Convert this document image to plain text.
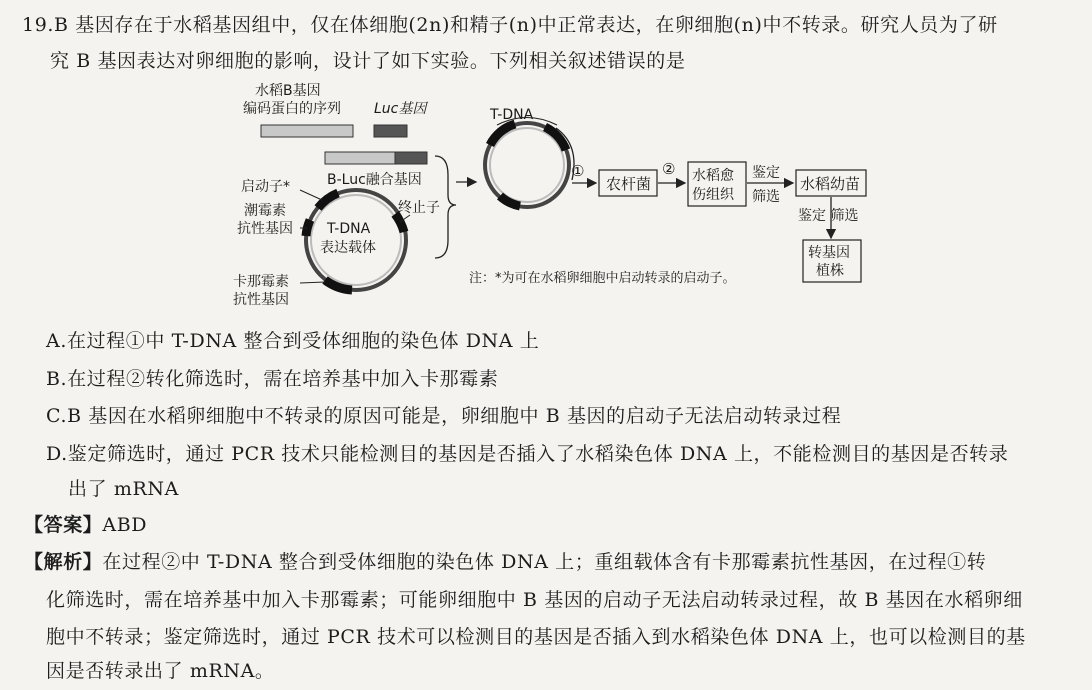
19.B 基因存在于水稻基因组中，仅在体细胞(2n)和精子(n)中正常表达，在卵细胞(n)中不转录。研究人员为了研
究 B 基因表达对卵细胞的影响，设计了如下实验。下列相关叙述错误的是
水稻B基因
编码蛋白的序列 Luc基因
B-Luc融合基因
T-DNA
表达载体
启动子*
潮霉素
抗性基因
终止子
卡那霉素
抗性基因
T-DNA
①
农杆菌
② 水稻愈
伤组织
鉴定
筛选
水稻幼苗
鉴定 筛选
转基因
植株
注：*为可在水稻卵细胞中启动转录的启动子。
A.在过程①中 T-DNA 整合到受体细胞的染色体 DNA 上
B.在过程②转化筛选时，需在培养基中加入卡那霉素
C.B 基因在水稻卵细胞中不转录的原因可能是，卵细胞中 B 基因的启动子无法启动转录过程
D.鉴定筛选时，通过 PCR 技术只能检测目的基因是否插入了水稻染色体 DNA 上，不能检测目的基因是否转录
出了 mRNA
【答案】ABD
【解析】在过程②中 T-DNA 整合到受体细胞的染色体 DNA 上；重组载体含有卡那霉素抗性基因，在过程①转
化筛选时，需在培养基中加入卡那霉素；可能卵细胞中 B 基因的启动子无法启动转录过程，故 B 基因在水稻卵细
胞中不转录；鉴定筛选时，通过 PCR 技术可以检测目的基因是否插入到水稻染色体 DNA 上，也可以检测目的基
因是否转录出了 mRNA。
